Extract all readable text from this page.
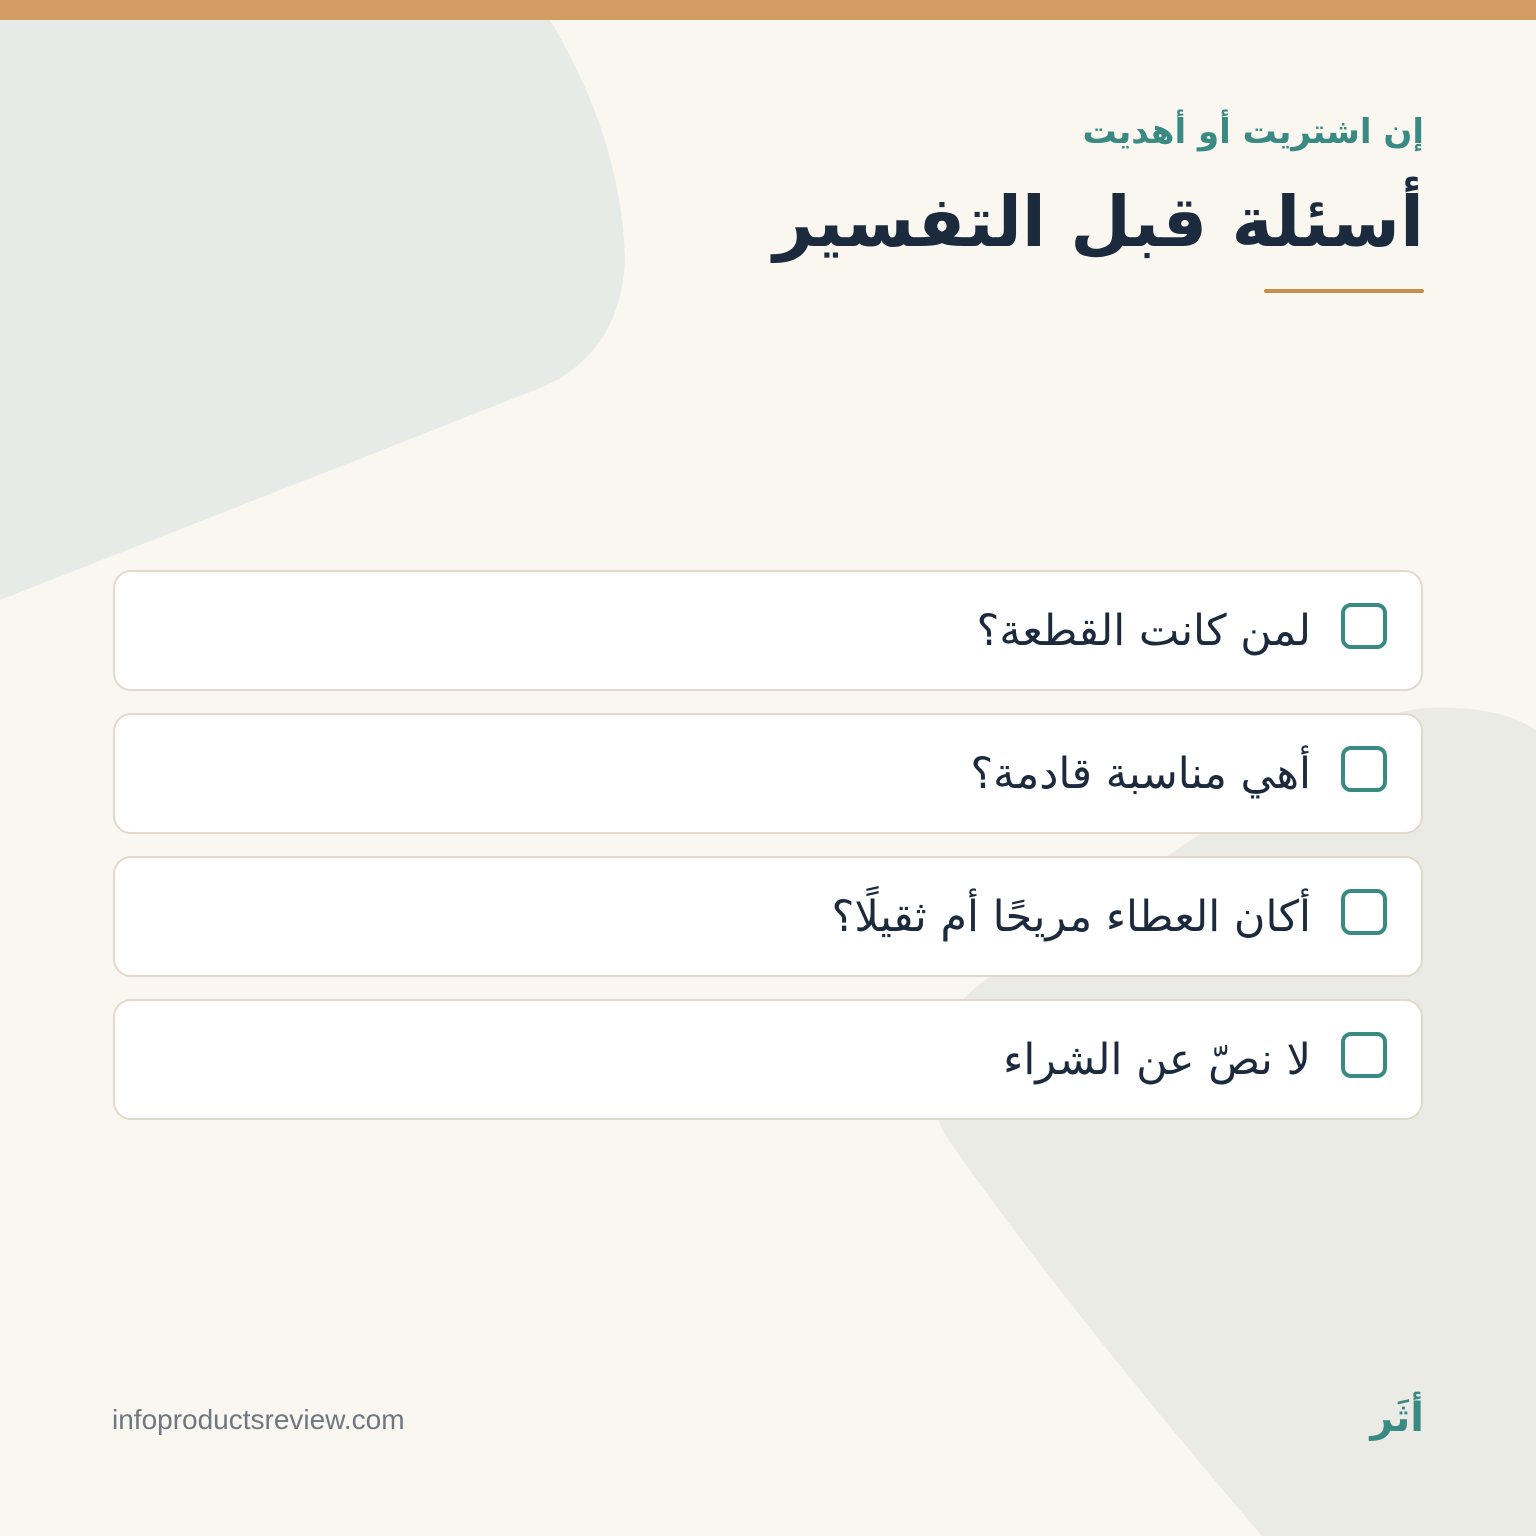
إن اشتريت أو أهديت

أسئلة قبل التفسير
لمن كانت القطعة؟
أهي مناسبة قادمة؟
أكان العطاء مريحًا أم ثقيلًا؟
لا نصّ عن الشراء
infoproductsreview.com	أثَر
